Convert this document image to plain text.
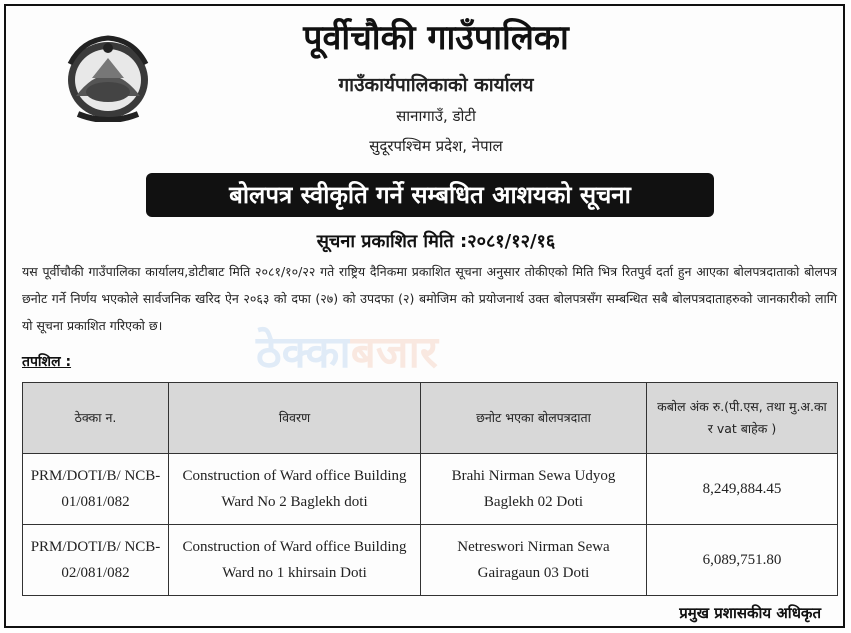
पूर्वीचौकी गाउँपालिका
गाउँकार्यपालिकाको कार्यालय
सानागाउँ, डोटी
सुदूरपश्चिम प्रदेश, नेपाल
बोलपत्र स्वीकृति गर्ने सम्बधित आशयको सूचना
सूचना प्रकाशित मिति :२०८१/१२/१६
यस पूर्वीचौकी गाउँपालिका कार्यालय,डोटीबाट मिति २०८१/१०/२२ गते राष्ट्रिय दैनिकमा प्रकाशित सूचना अनुसार तोकीएको मिति भित्र रितपुर्व दर्ता हुन आएका बोलपत्रदाताको बोलपत्र छनोट गर्ने निर्णय भएकोले सार्वजनिक खरिद ऐन २०६३ को दफा (२७) को उपदफा (२) बमोजिम को प्रयोजनार्थ उक्त बोलपत्रसँग सम्बन्धित सबै बोलपत्रदाताहरुको जानकारीको लागि यो सूचना प्रकाशित गरिएको छ।
ठेक्काबजार
तपशिल :
ठेक्का न.	विवरण	छनोट भएका बोलपत्रदाता	कबोल अंक रु.(पी.एस, तथा मु.अ.का र vat बाहेक )
PRM/DOTI/B/ NCB-01/081/082	Construction of Ward office Building Ward No 2 Baglekh doti	Brahi Nirman Sewa Udyog Baglekh 02 Doti	8,249,884.45
PRM/DOTI/B/ NCB-02/081/082	Construction of Ward office Building Ward no 1 khirsain Doti	Netreswori Nirman Sewa Gairagaun 03 Doti	6,089,751.80
प्रमुख प्रशासकीय अधिकृत
